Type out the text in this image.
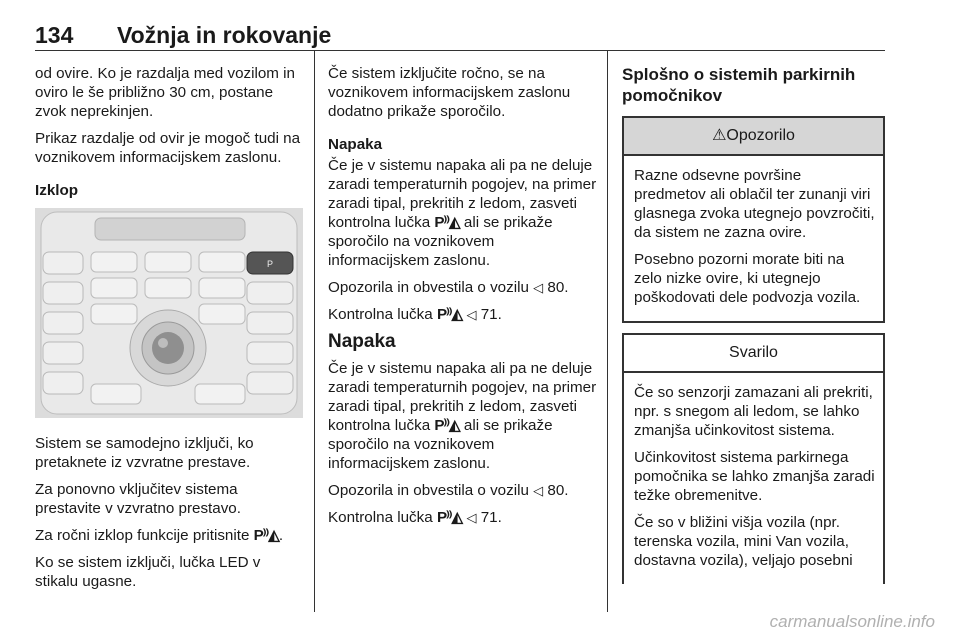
134 Vožnja in rokovanje

od ovire. Ko je razdalja med vozilom in oviro le še približno 30 cm, postane zvok neprekinjen.

Prikaz razdalje od ovir je mogoč tudi na voznikovem informacijskem zaslonu.

Izklop
P

Sistem se samodejno izključi, ko pretaknete iz vzvratne prestave.

Za ponovno vključitev sistema prestavite v vzvratno prestavo.

Za ročni izklop funkcije pritisnite P⁾⁾◭.

Ko se sistem izključi, lučka LED v stikalu ugasne.

Če sistem izključite ročno, se na voznikovem informacijskem zaslonu dodatno prikaže sporočilo.

Napaka

Če je v sistemu napaka ali pa ne deluje zaradi temperaturnih pogojev, na primer zaradi tipal, prekritih z ledom, zasveti kontrolna lučka P⁾⁾◭ ali se prikaže sporočilo na voznikovem informacijskem zaslonu.

Opozorila in obvestila o vozilu ◁ 80.

Kontrolna lučka P⁾⁾◭ ◁ 71.

Napaka

Če je v sistemu napaka ali pa ne deluje zaradi temperaturnih pogojev, na primer zaradi tipal, prekritih z ledom, zasveti kontrolna lučka P⁾⁾◭ ali se prikaže sporočilo na voznikovem informacijskem zaslonu.

Opozorila in obvestila o vozilu ◁ 80.

Kontrolna lučka P⁾⁾◭ ◁ 71.

Splošno o sistemih parkirnih pomočnikov
⚠Opozorilo

Razne odsevne površine predmetov ali oblačil ter zunanji viri glasnega zvoka utegnejo povzročiti, da sistem ne zazna ovire.

Posebno pozorni morate biti na zelo nizke ovire, ki utegnejo poškodovati dele podvozja vozila.

Svarilo

Če so senzorji zamazani ali prekriti, npr. s snegom ali ledom, se lahko zmanjša učinkovitost sistema.

Učinkovitost sistema parkirnega pomočnika se lahko zmanjša zaradi težke obremenitve.

Če so v bližini višja vozila (npr. terenska vozila, mini Van vozila, dostavna vozila), veljajo posebni

carmanualsonline.info
